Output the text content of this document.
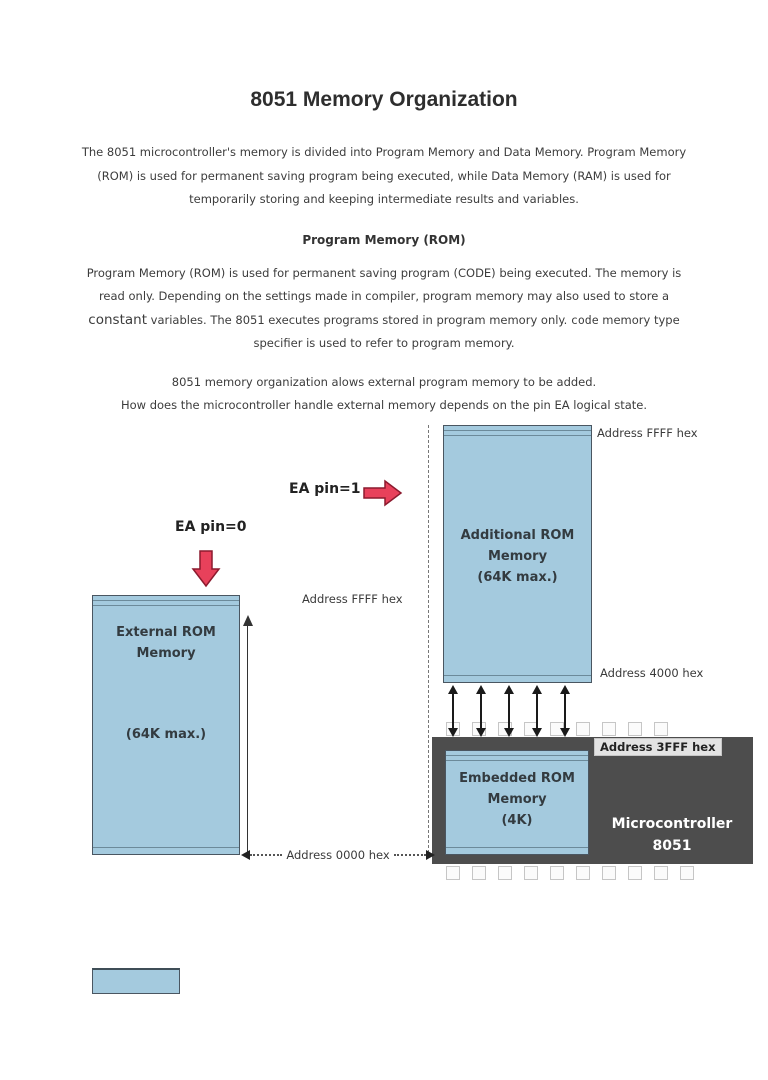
8051 Memory Organization

The 8051 microcontroller's memory is divided into Program Memory and Data Memory. Program Memory
(ROM) is used for permanent saving program being executed, while Data Memory (RAM) is used for
temporarily storing and keeping intermediate results and variables.

Program Memory (ROM)

Program Memory (ROM) is used for permanent saving program (CODE) being executed. The memory is
read only. Depending on the settings made in compiler, program memory may also used to store a
constant variables. The 8051 executes programs stored in program memory only. code memory type
specifier is used to refer to program memory.

8051 memory organization alows external program memory to be added.
How does the microcontroller handle external memory depends on the pin EA logical state.

Additional ROM
Memory
(64K max.)
Address FFFF hex
EA pin=1
EA pin=0
External ROM
Memory
(64K max.)
Address FFFF hex
Address 4000 hex
Address 3FFF hex
Embedded ROM
Memory
(4K)	Microcontroller
8051
Address 0000 hex
